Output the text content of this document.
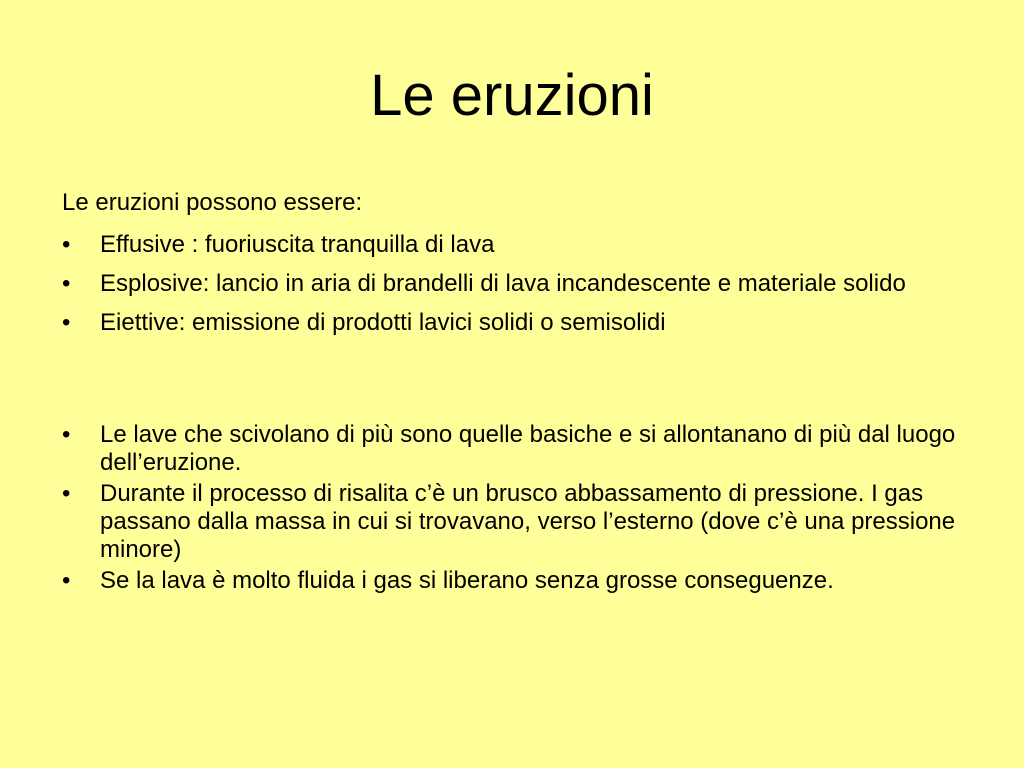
Le eruzioni

Le eruzioni possono essere:

• Effusive : fuoriuscita tranquilla di lava
• Esplosive: lancio in aria di brandelli di lava incandescente e materiale solido
• Eiettive: emissione di prodotti lavici solidi o semisolidi
• Le lave che scivolano di più sono quelle basiche e si allontanano di più dal luogo dell’eruzione.
• Durante il processo di risalita c’è un brusco abbassamento di pressione. I gas passano dalla massa in cui si trovavano, verso l’esterno (dove c’è una pressione minore)
• Se la lava è molto fluida i gas si liberano senza grosse conseguenze.
